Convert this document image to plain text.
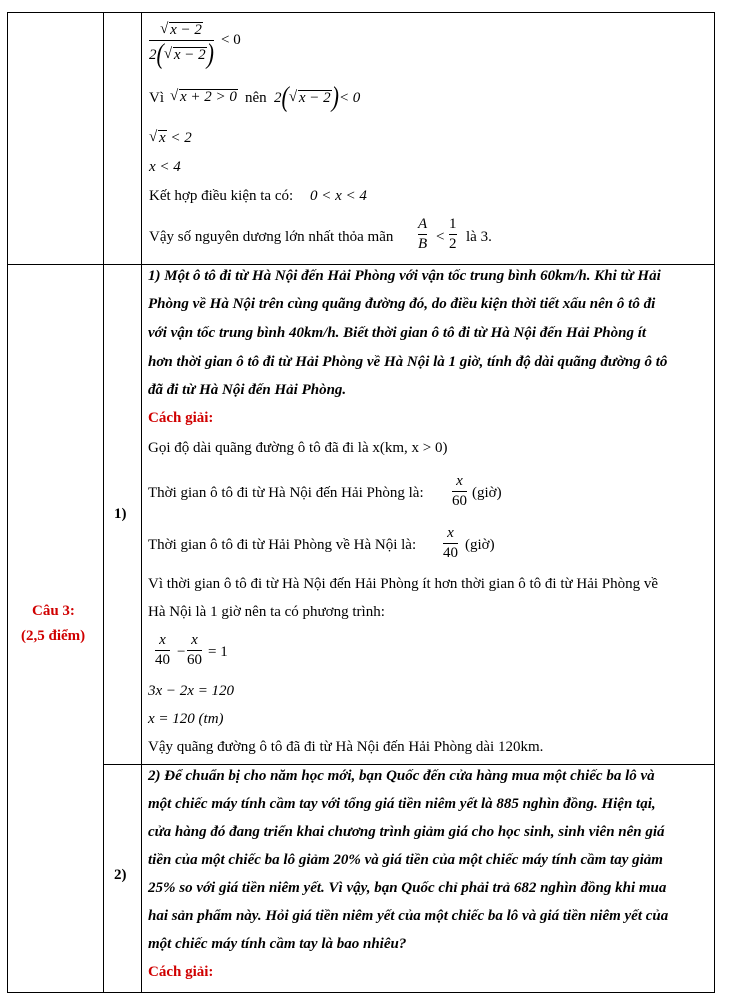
√ x − 2
2( √ x − 2) < 0
Vì √ x + 2 > 0 nên 2( √ x − 2)< 0
√ x < 2
x < 4
Kết hợp điều kiện ta có: 0 < x < 4
Vậy số nguyên dương lớn nhất thỏa mãn
A
B <
1
2 là 3.
Câu 3:
(2,5 điểm)
1)
1) Một ô tô đi từ Hà Nội đến Hải Phòng với vận tốc trung bình 60km/h. Khi từ Hải
Phòng về Hà Nội trên cùng quãng đường đó, do điều kiện thời tiết xấu nên ô tô đi
với vận tốc trung bình 40km/h. Biết thời gian ô tô đi từ Hà Nội đến Hải Phòng ít
hơn thời gian ô tô đi từ Hải Phòng về Hà Nội là 1 giờ, tính độ dài quãng đường ô tô
đã đi từ Hà Nội đến Hải Phòng.
Cách giải:
Gọi độ dài quãng đường ô tô đã đi là x(km, x > 0)
Thời gian ô tô đi từ Hà Nội đến Hải Phòng là:
x
60 (giờ)
Thời gian ô tô đi từ Hải Phòng về Hà Nội là:
x
40 (giờ)
Vì thời gian ô tô đi từ Hà Nội đến Hải Phòng ít hơn thời gian ô tô đi từ Hải Phòng về
Hà Nội là 1 giờ nên ta có phương trình:
x
40 −
x
60 = 1
3x − 2x = 120
x = 120 (tm)
Vậy quãng đường ô tô đã đi từ Hà Nội đến Hải Phòng dài 120km.
2)
2) Để chuẩn bị cho năm học mới, bạn Quốc đến cửa hàng mua một chiếc ba lô và
một chiếc máy tính cầm tay với tổng giá tiền niêm yết là 885 nghìn đồng. Hiện tại,
cửa hàng đó đang triển khai chương trình giảm giá cho học sinh, sinh viên nên giá
tiền của một chiếc ba lô giảm 20% và giá tiền của một chiếc máy tính cầm tay giảm
25% so với giá tiền niêm yết. Vì vậy, bạn Quốc chỉ phải trả 682 nghìn đồng khi mua
hai sản phẩm này. Hỏi giá tiền niêm yết của một chiếc ba lô và giá tiền niêm yết của
một chiếc máy tính cầm tay là bao nhiêu?
Cách giải:
